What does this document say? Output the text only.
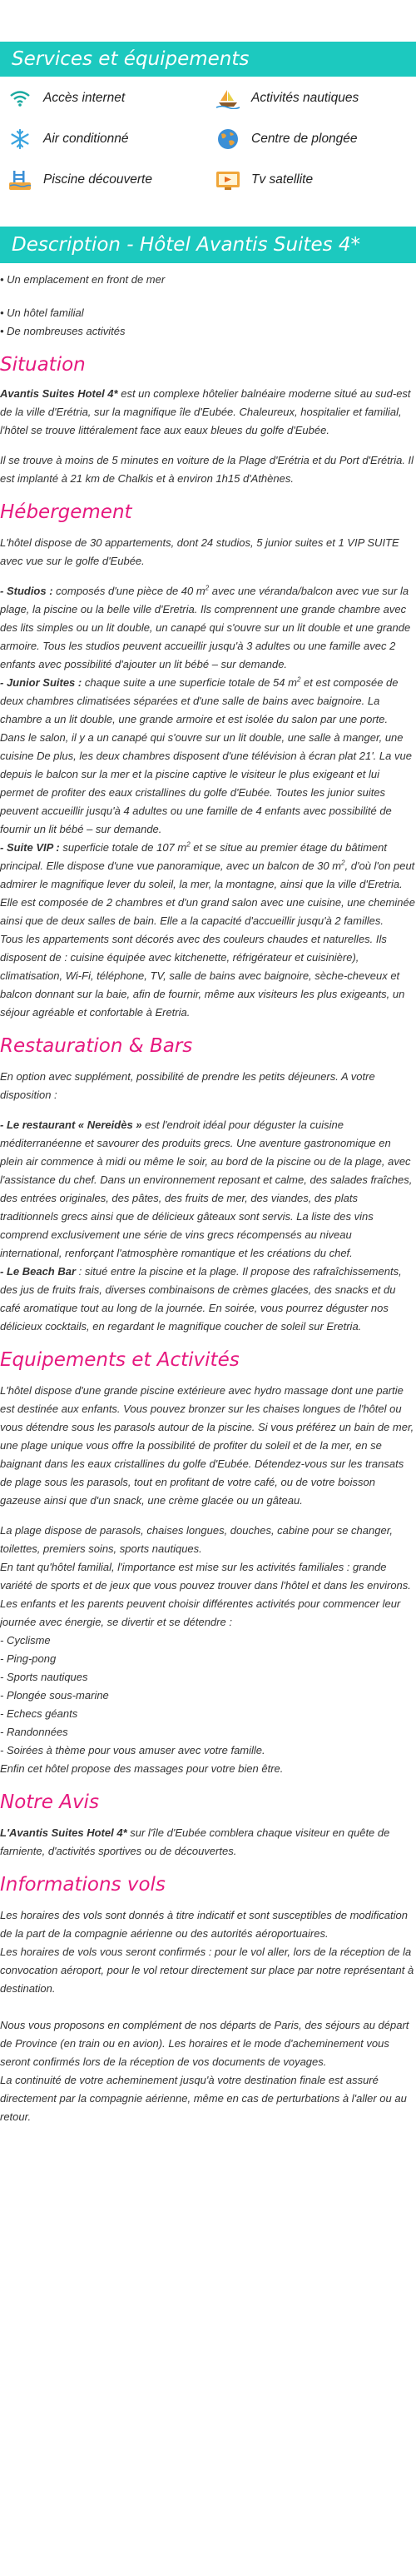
Services et équipements
Accès internet	Activités nautiques
Air conditionné	Centre de plongée
Piscine découverte	Tv satellite
Description - Hôtel Avantis Suites 4*

• Un emplacement en front de mer

• Un hôtel familial

• De nombreuses activités

Situation

Avantis Suites Hotel 4* est un complexe hôtelier balnéaire moderne situé au sud-est de la ville d'Erétria, sur la magnifique île d'Eubée. Chaleureux, hospitalier et familial, l'hôtel se trouve littéralement face aux eaux bleues du golfe d'Eubée.

Il se trouve à moins de 5 minutes en voiture de la Plage d'Erétria et du Port d'Erétria. Il est implanté à 21 km de Chalkis et à environ 1h15 d'Athènes.

Hébergement

L'hôtel dispose de 30 appartements, dont 24 studios, 5 junior suites et 1 VIP SUITE avec vue sur le golfe d'Eubée.

- Studios : composés d'une pièce de 40 $m^2$ avec une véranda/balcon avec vue sur la plage, la piscine ou la belle ville d'Eretria. Ils comprennent une grande chambre avec des lits simples ou un lit double, un canapé qui s'ouvre sur un lit double et une grande armoire. Tous les studios peuvent accueillir jusqu'à 3 adultes ou une famille avec 2 enfants avec possibilité d'ajouter un lit bébé – sur demande.

- Junior Suites : chaque suite a une superficie totale de 54 $m^2$ et est composée de deux chambres climatisées séparées et d'une salle de bains avec baignoire. La chambre a un lit double, une grande armoire et est isolée du salon par une porte. Dans le salon, il y a un canapé qui s'ouvre sur un lit double, une salle à manger, une cuisine De plus, les deux chambres disposent d'une télévision à écran plat 21'. La vue depuis le balcon sur la mer et la piscine captive le visiteur le plus exigeant et lui permet de profiter des eaux cristallines du golfe d'Eubée. Toutes les junior suites peuvent accueillir jusqu'à 4 adultes ou une famille de 4 enfants avec possibilité de fournir un lit bébé – sur demande.

- Suite VIP : superficie totale de 107 $m^2$ et se situe au premier étage du bâtiment principal. Elle dispose d'une vue panoramique, avec un balcon de 30 $m^2$, d'où l'on peut admirer le magnifique lever du soleil, la mer, la montagne, ainsi que la ville d'Eretria. Elle est composée de 2 chambres et d'un grand salon avec une cuisine, une cheminée ainsi que de deux salles de bain. Elle a la capacité d'accueillir jusqu'à 2 familles.

Tous les appartements sont décorés avec des couleurs chaudes et naturelles. Ils disposent de : cuisine équipée avec kitchenette, réfrigérateur et cuisinière), climatisation, Wi-Fi, téléphone, TV, salle de bains avec baignoire, sèche-cheveux et balcon donnant sur la baie, afin de fournir, même aux visiteurs les plus exigeants, un séjour agréable et confortable à Eretria.

Restauration & Bars

En option avec supplément, possibilité de prendre les petits déjeuners. A votre disposition :

- Le restaurant « Nereidès » est l'endroit idéal pour déguster la cuisine méditerranéenne et savourer des produits grecs. Une aventure gastronomique en plein air commence à midi ou même le soir, au bord de la piscine ou de la plage, avec l'assistance du chef. Dans un environnement reposant et calme, des salades fraîches, des entrées originales, des pâtes, des fruits de mer, des viandes, des plats traditionnels grecs ainsi que de délicieux gâteaux sont servis. La liste des vins comprend exclusivement une série de vins grecs récompensés au niveau international, renforçant l'atmosphère romantique et les créations du chef.

- Le Beach Bar : situé entre la piscine et la plage. Il propose des rafraîchissements, des jus de fruits frais, diverses combinaisons de crèmes glacées, des snacks et du café aromatique tout au long de la journée. En soirée, vous pourrez déguster nos délicieux cocktails, en regardant le magnifique coucher de soleil sur Eretria.

Equipements et Activités

L'hôtel dispose d'une grande piscine extérieure avec hydro massage dont une partie est destinée aux enfants. Vous pouvez bronzer sur les chaises longues de l'hôtel ou vous détendre sous les parasols autour de la piscine. Si vous préférez un bain de mer, une plage unique vous offre la possibilité de profiter du soleil et de la mer, en se baignant dans les eaux cristallines du golfe d'Eubée. Détendez-vous sur les transats de plage sous les parasols, tout en profitant de votre café, ou de votre boisson gazeuse ainsi que d'un snack, une crème glacée ou un gâteau.

La plage dispose de parasols, chaises longues, douches, cabine pour se changer, toilettes, premiers soins, sports nautiques.

En tant qu'hôtel familial, l'importance est mise sur les activités familiales : grande variété de sports et de jeux que vous pouvez trouver dans l'hôtel et dans les environs. Les enfants et les parents peuvent choisir différentes activités pour commencer leur journée avec énergie, se divertir et se détendre :

- Cyclisme

- Ping-pong

- Sports nautiques

- Plongée sous-marine

- Echecs géants

- Randonnées

- Soirées à thème pour vous amuser avec votre famille.

Enfin cet hôtel propose des massages pour votre bien être.

Notre Avis

L'Avantis Suites Hotel 4* sur l'île d'Eubée comblera chaque visiteur en quête de farniente, d'activités sportives ou de découvertes.

Informations vols

Les horaires des vols sont donnés à titre indicatif et sont susceptibles de modification de la part de la compagnie aérienne ou des autorités aéroportuaires.

Les horaires de vols vous seront confirmés : pour le vol aller, lors de la réception de la convocation aéroport, pour le vol retour directement sur place par notre représentant à destination.

Nous vous proposons en complément de nos départs de Paris, des séjours au départ de Province (en train ou en avion). Les horaires et le mode d'acheminement vous seront confirmés lors de la réception de vos documents de voyages.

La continuité de votre acheminement jusqu'à votre destination finale est assuré directement par la compagnie aérienne, même en cas de perturbations à l'aller ou au retour.
